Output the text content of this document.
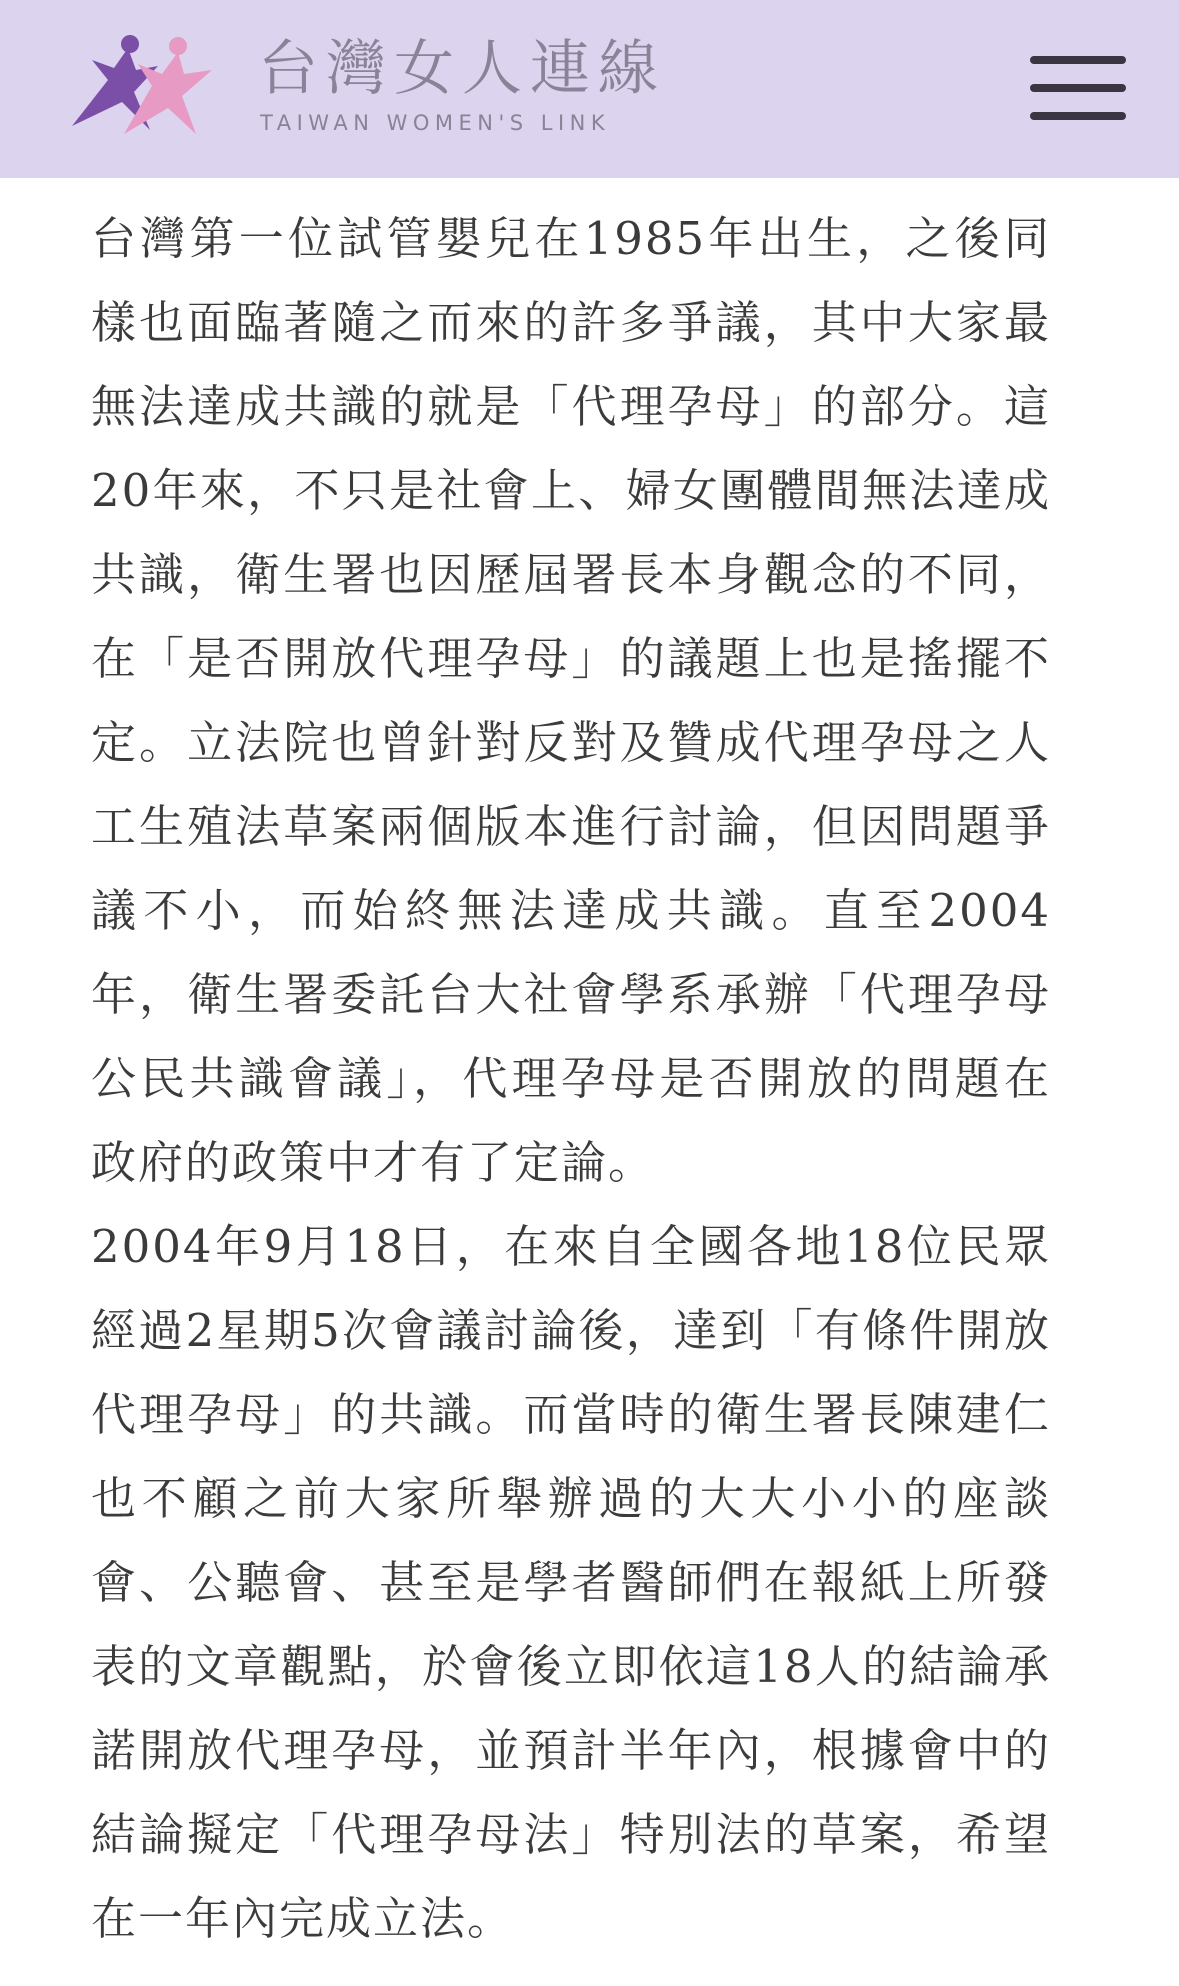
台灣女人連線
TAIWAN WOMEN'S LINK

台灣第一位試管嬰兒在1985年出生，之後同樣也面臨著隨之而來的許多爭議，其中大家最無法達成共識的就是「代理孕母」的部分。這20年來，不只是社會上、婦女團體間無法達成共識，衛生署也因歷屆署長本身觀念的不同，在「是否開放代理孕母」的議題上也是搖擺不定。立法院也曾針對反對及贊成代理孕母之人工生殖法草案兩個版本進行討論，但因問題爭議不小，而始終無法達成共識。直至2004年，衛生署委託台大社會學系承辦「代理孕母公民共識會議」，代理孕母是否開放的問題在政府的政策中才有了定論。

2004年9月18日，在來自全國各地18位民眾經過2星期5次會議討論後，達到「有條件開放代理孕母」的共識。而當時的衛生署長陳建仁也不顧之前大家所舉辦過的大大小小的座談會、公聽會、甚至是學者醫師們在報紙上所發表的文章觀點，於會後立即依這18人的結論承諾開放代理孕母，並預計半年內，根據會中的結論擬定「代理孕母法」特別法的草案，希望在一年內完成立法。
